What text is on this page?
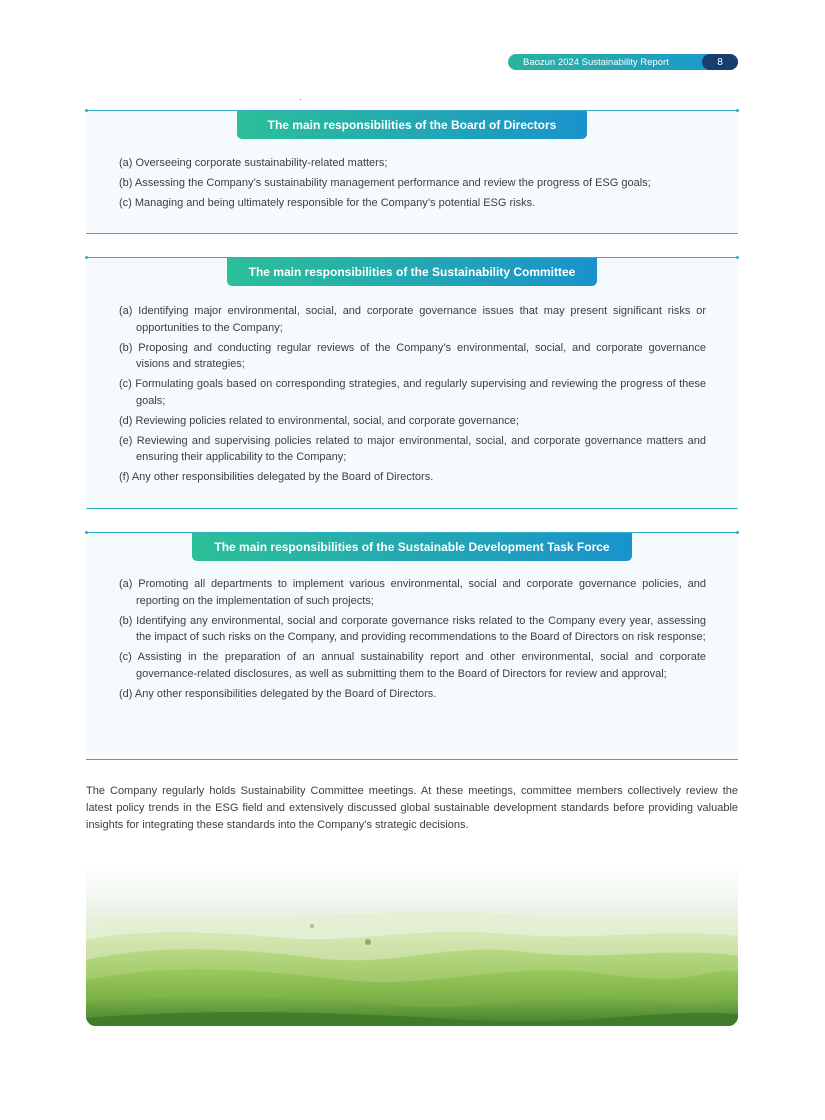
Baozun 2024 Sustainability Report	8
The main responsibilities of the Board of Directors
(a) Overseeing corporate sustainability-related matters;
(b) Assessing the Company’s sustainability management performance and review the progress of ESG goals;
(c) Managing and being ultimately responsible for the Company’s potential ESG risks.
The main responsibilities of the Sustainability Committee
(a) Identifying major environmental, social, and corporate governance issues that may present significant risks or opportunities to the Company;
(b) Proposing and conducting regular reviews of the Company’s environmental, social, and corporate governance visions and strategies;
(c) Formulating goals based on corresponding strategies, and regularly supervising and reviewing the progress of these goals;
(d) Reviewing policies related to environmental, social, and corporate governance;
(e) Reviewing and supervising policies related to major environmental, social, and corporate governance matters and ensuring their applicability to the Company;
(f) Any other responsibilities delegated by the Board of Directors.
The main responsibilities of the Sustainable Development Task Force
(a) Promoting all departments to implement various environmental, social and corporate governance policies, and reporting on the implementation of such projects;
(b) Identifying any environmental, social and corporate governance risks related to the Company every year, assessing the impact of such risks on the Company, and providing recommendations to the Board of Directors on risk response;
(c) Assisting in the preparation of an annual sustainability report and other environmental, social and corporate governance-related disclosures, as well as submitting them to the Board of Directors for review and approval;
(d) Any other responsibilities delegated by the Board of Directors.

The Company regularly holds Sustainability Committee meetings. At these meetings, committee members collectively review the latest policy trends in the ESG field and extensively discussed global sustainable development standards before providing valuable insights for integrating these standards into the Company’s strategic decisions.
